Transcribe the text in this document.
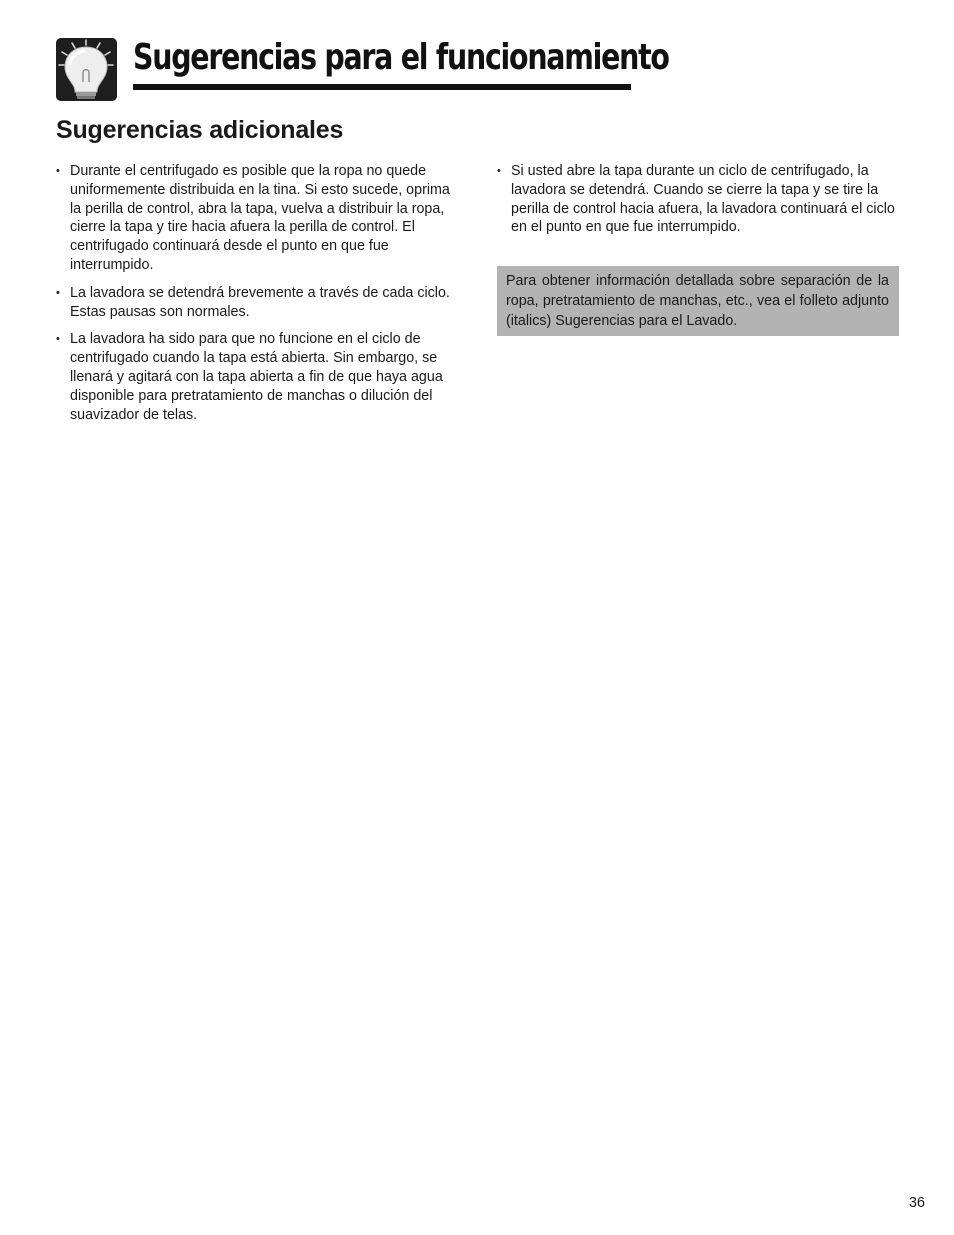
Sugerencias para el funcionamiento
Sugerencias adicionales
• Durante el centrifugado es posible que la ropa no quede uniformemente distribuida en la tina. Si esto sucede, oprima la perilla de control, abra la tapa, vuelva a distribuir la ropa, cierre la tapa y tire hacia afuera la perilla de control. El centrifugado continuará desde el punto en que fue interrumpido.
• La lavadora se detendrá brevemente a través de cada ciclo. Estas pausas son normales.
• La lavadora ha sido para que no funcione en el ciclo de centrifugado cuando la tapa está abierta. Sin embargo, se llenará y agitará con la tapa abierta a fin de que haya agua disponible para pretratamiento de manchas o dilución del suavizador de telas.
• Si usted abre la tapa durante un ciclo de centrifugado, la lavadora se detendrá. Cuando se cierre la tapa y se tire la perilla de control hacia afuera, la lavadora continuará el ciclo en el punto en que fue interrumpido.
Para obtener información detallada sobre separación de la ropa, pretratamiento de manchas, etc., vea el folleto adjunto (italics) Sugerencias para el Lavado.
36
